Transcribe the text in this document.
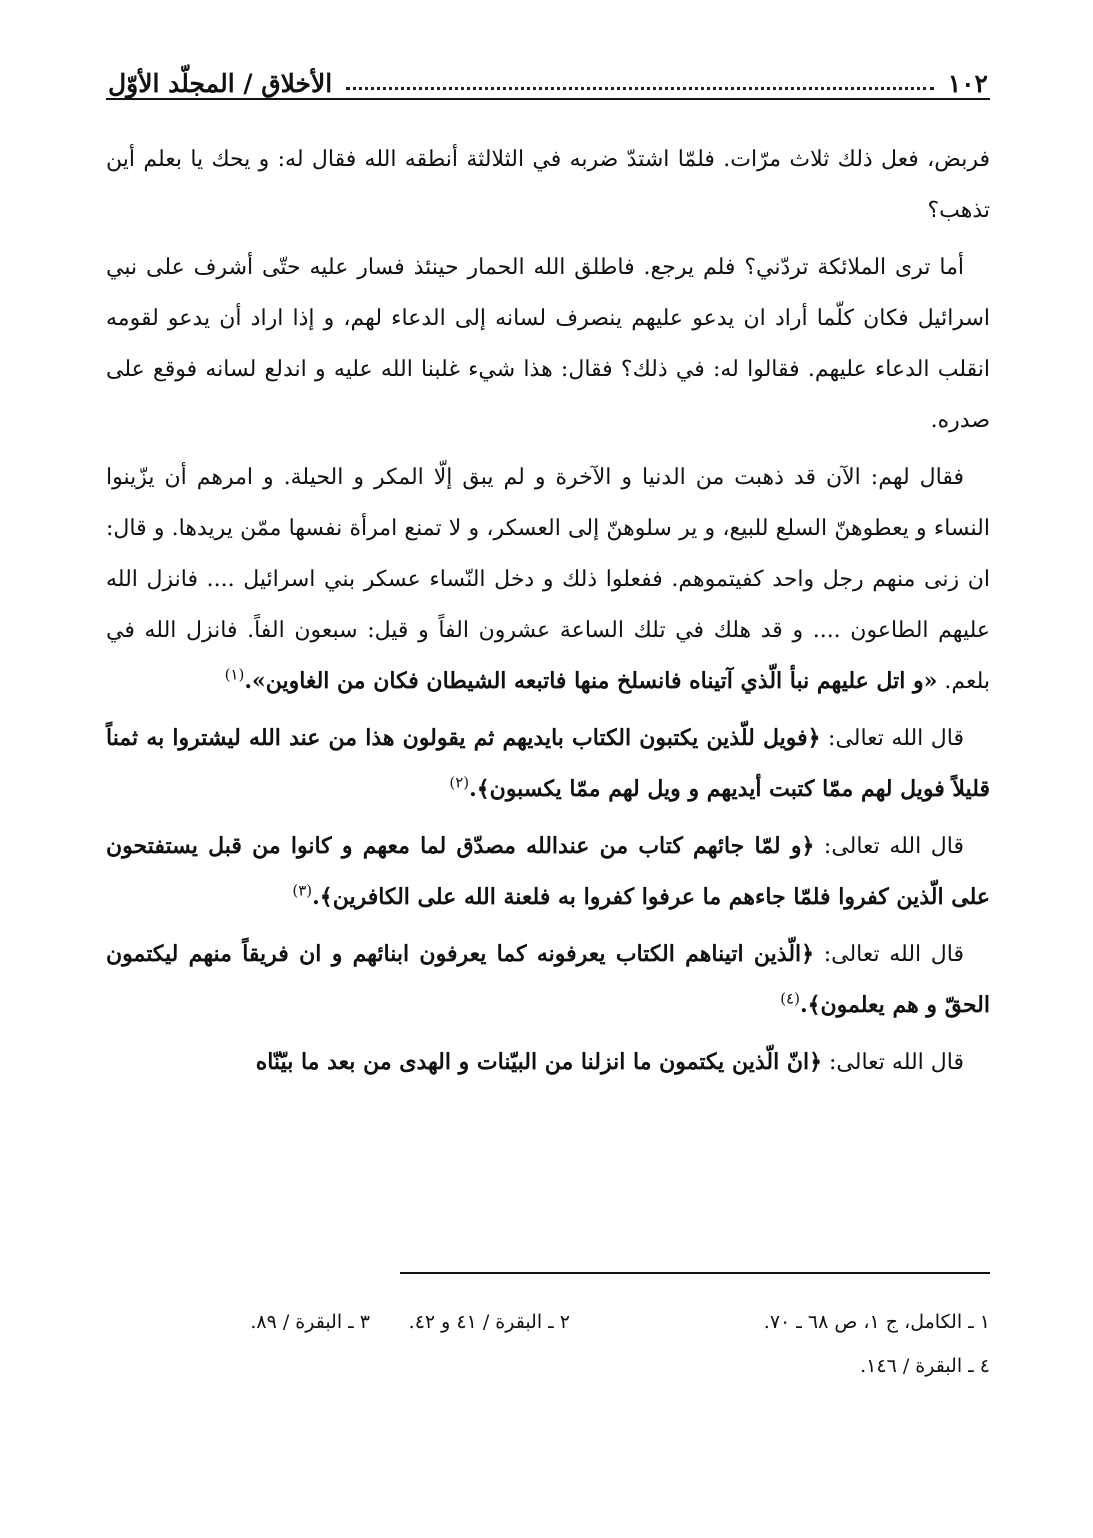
١٠٢
الأخلاق / المجلّد الأوّل

فربض، فعل ذلك ثلاث مرّات. فلمّا اشتدّ ضربه في الثلالثة أنطقه الله فقال له: و يحك يا بعلم أين تذهب؟

أما ترى الملائكة تردّني؟ فلم يرجع. فاطلق الله الحمار حينئذ فسار عليه حتّى أشرف على نبي اسرائيل فكان كلّما أراد ان يدعو عليهم ينصرف لسانه إلى الدعاء لهم، و إذا اراد أن يدعو لقومه انقلب الدعاء عليهم. فقالوا له: في ذلك؟ فقال: هذا شيء غلبنا الله عليه و اندلع لسانه فوقع على صدره.

فقال لهم: الآن قد ذهبت من الدنيا و الآخرة و لم يبق إلّا المكر و الحيلة. و امرهم أن يزّينوا النساء و يعطوهنّ السلع للبيع، و ير سلوهنّ إلى العسكر، و لا تمنع امرأة نفسها ممّن يريدها. و قال: ان زنى منهم رجل واحد كفيتموهم. ففعلوا ذلك و دخل النّساء عسكر بني اسرائيل .... فانزل الله عليهم الطاعون .... و قد هلك في تلك الساعة عشرون الفاً و قيل: سبعون الفاً. فانزل الله في بلعم. «و اتل عليهم نبأ الّذي آتيناه فانسلخ منها فاتبعه الشيطان فكان من الغاوين».$^{(١)}$

قال الله تعالى: ﴿فويل للّذين يكتبون الكتاب بايديهم ثم يقولون هذا من عند الله ليشتروا به ثمناً قليلاً فويل لهم ممّا كتبت أيديهم و ويل لهم ممّا يكسبون﴾.$^{(٢)}$

قال الله تعالى: ﴿و لمّا جائهم كتاب من عندالله مصدّق لما معهم و كانوا من قبل يستفتحون على الّذين كفروا فلمّا جاءهم ما عرفوا كفروا به فلعنة الله على الكافرين﴾.$^{(٣)}$

قال الله تعالى: ﴿الّذين اتيناهم الكتاب يعرفونه كما يعرفون ابنائهم و ان فريقاً منهم ليكتمون الحقّ و هم يعلمون﴾.$^{(٤)}$

قال الله تعالى: ﴿انّ الّذين يكتمون ما انزلنا من البيّنات و الهدى من بعد ما بيّنّاه

١ ـ الكامل، ج ١، ص ٦٨ ـ ٧٠.
٢ ـ البقرة / ٤١ و ٤٢.
٣ ـ البقرة / ٨٩.
٤ ـ البقرة / ١٤٦.
